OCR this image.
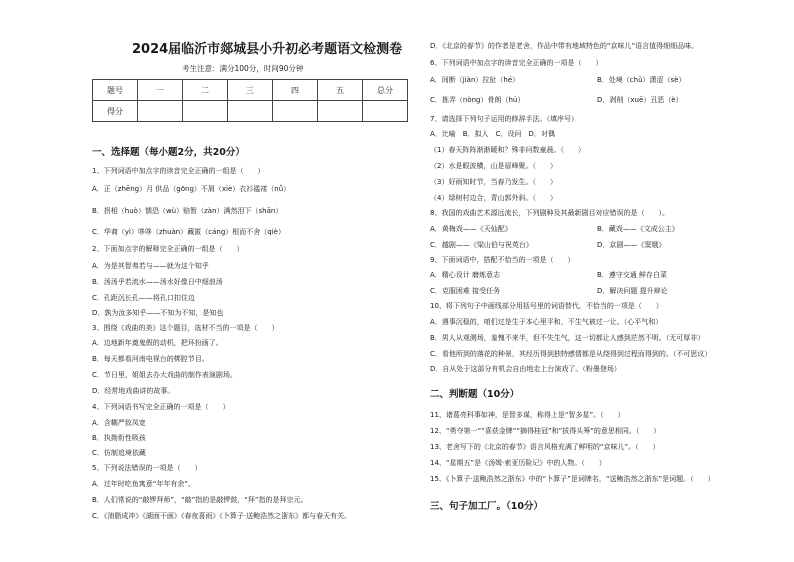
2024届临沂市郯城县小升初必考题语文检测卷
考生注意：满分100分，时间90分钟
题号	一	二	三	四	五	总分
得分						
一、选择题（每小题2分，共20分）
1、下列词语中加点字的读音完全正确的一组是（　　）
A．正（zhēng）月 供品（gōng）不屑（xiè）衣衫褴褛（nǚ）
B．拐相（huò）懦恐（wù）赔暂（zàn）满然泪下（shān）
C．华裔（yì）哆哆（zhuàn）藏匿（cáng）根而不舍（qiè）
2、下面加点字的解释完全正确的一组是（　　）
A．为是其智弗若与——就为这个知乎
B．汤汤乎若流水——汤水好像日中细浪汤
C．孔距沉长孔——将孔口扣住边
D．孰为汝多知乎——不知为不知，是知也
3、围绕《戏曲的美》这个题目，选材不当的一项是（　　）
A．边地新年奠鬼假的动机，把环扮画了。
B．每天都看河南电视台的梆腔节目。
C．节日里，姐姐去办大戏曲的制作表演剧场。
D．经常地戏曲讲的故事。
4、下列词语书写完全正确的一项是（　　）
A．含糊严致凤宽
B．执拗衔性吸孩
C．仿制追境依藏
5、下列说法错误的一项是（　　）
A．过年时吃鱼寓意“年年有余”。
B．人们常说的“敲锣拜师”，“敲”指的是敲锣鼓，“拜”指的是拜宗元。
C．《油脂成冲》《湖面干画》《春夜喜雨》《卜算子·送鲍浩然之浙东》都与春天有关。
D．《北京的春节》的作者是老舍，作品中带有地域特色的“京味儿”语言值得细细品味。
6、下列词语中加点字的读音完全正确的一项是（　　）
A．间断（jiàn）拉扯（hé）	B．处境（chǔ）潇涩（sè）
C．拣弄（nòng）骨朗（hú）	D．剥削（xuē）丑恶（è）
7、请选择下列句子运用的修辞手法。（填序号）
A．比喻　B．拟人　C．设问　D．对偶
（1）春天阵阵渐渐暖和？殊非问数童晨。（　　）
（2）水是眼波横，山是眉峰聚。（　　）
（3）好雨知时节，当春乃发生。（　　）
（4）绿树村边合，青山郭外斜。（　　）
8、我国的戏曲艺术源远流长，下列剧种及其最新剧目对应错误的是（　　）。
A．黄梅戏——《天仙配》	B．藏戏——《文成公主》
C．越剧——《梁山伯与祝英台》	D．京剧——《窦娥》
9、下面词语中，搭配不恰当的一项是（　　）
A．精心设计 磨炼意志	B．遵守交通 鲜存白菜
C．克服困难 接受任务	D．解决问题 提升辩论
10、将下列句子中画线部分用括号里的词语替代，不恰当的一项是（　　）
A．遇事沉稳的，咱们过是生于本心里平和，不生气被过一让。（心平气和）
B．男人从观测场，羞愧不来半，但不失生气，这一切都让人感到茫然不明。（无可厚非）
C．看他所到的落花的种景，其经历得到独特感情都是从绕得到过程而得到的。（不可思议）
D．自从处于这部分有机会自由地走上台演戏了。（粉墨登场）
二、判断题（10分）
11、诸葛亮科事如神，是智多谋，称得上是“智多星”。（　　）
12、“勇夺第一”“喜获金牌”“摘得桂冠”和“拔得头筹”的意思相同。（　　）
13、老舍写下的《北京的春节》语言风格充满了鲜明的“京味儿”。（　　）
14、“星期五”是《汤姆·索亚历险记》中的人物。（　　）
15、《卜算子·送鲍浩然之浙东》中的“卜算子”是词牌名，“送鲍浩然之浙东”是词题。（　　）
三、句子加工厂。（10分）
